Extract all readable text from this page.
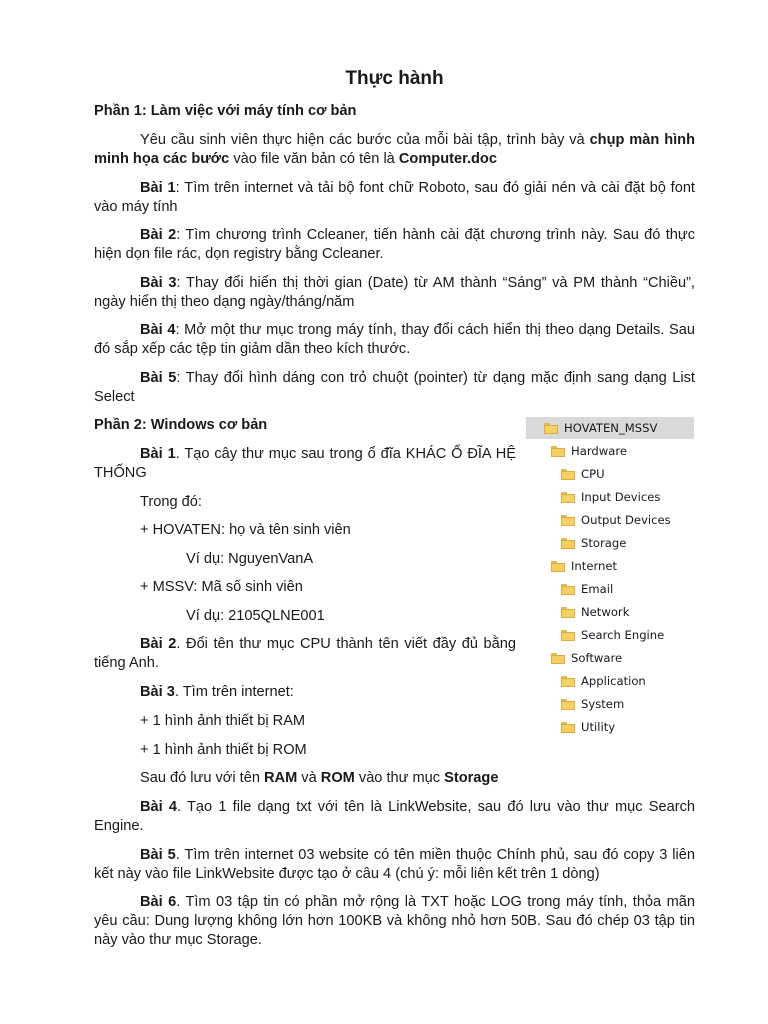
Thực hành

Phần 1: Làm việc với máy tính cơ bản

Yêu cầu sinh viên thực hiện các bước của mỗi bài tập, trình bày và chụp màn hình minh họa các bước vào file văn bản có tên là Computer.doc

Bài 1: Tìm trên internet và tải bộ font chữ Roboto, sau đó giải nén và cài đặt bộ font vào máy tính

Bài 2: Tìm chương trình Ccleaner, tiến hành cài đặt chương trình này. Sau đó thực hiện dọn file rác, dọn registry bằng Ccleaner.

Bài 3: Thay đổi hiển thị thời gian (Date) từ AM thành “Sáng” và PM thành “Chiều”, ngày hiển thị theo dạng ngày/tháng/năm

Bài 4: Mở một thư mục trong máy tính, thay đổi cách hiển thị theo dạng Details. Sau đó sắp xếp các tệp tin giảm dần theo kích thước.

Bài 5: Thay đổi hình dáng con trỏ chuột (pointer) từ dạng mặc định sang dạng List Select

Phần 2: Windows cơ bản

Bài 1. Tạo cây thư mục sau trong ổ đĩa KHÁC Ổ ĐĨA HỆ THỐNG

Trong đó:

+ HOVATEN: họ và tên sinh viên

Ví dụ: NguyenVanA

+ MSSV: Mã số sinh viên

Ví dụ: 2105QLNE001

Bài 2. Đổi tên thư mục CPU thành tên viết đầy đủ bằng tiếng Anh.

Bài 3. Tìm trên internet:

+ 1 hình ảnh thiết bị RAM

+ 1 hình ảnh thiết bị ROM

Sau đó lưu với tên RAM và ROM vào thư mục Storage

Bài 4. Tạo 1 file dạng txt với tên là LinkWebsite, sau đó lưu vào thư mục Search Engine.

Bài 5. Tìm trên internet 03 website có tên miền thuộc Chính phủ, sau đó copy 3 liên kết này vào file LinkWebsite được tạo ở câu 4 (chú ý: mỗi liên kết trên 1 dòng)

Bài 6. Tìm 03 tập tin có phần mở rộng là TXT hoặc LOG trong máy tính, thỏa mãn yêu cầu: Dung lượng không lớn hơn 100KB và không nhỏ hơn 50B. Sau đó chép 03 tập tin này vào thư mục Storage.

HOVATEN_MSSV
Hardware
CPU
Input Devices
Output Devices
Storage
Internet
Email
Network
Search Engine
Software
Application
System
Utility
